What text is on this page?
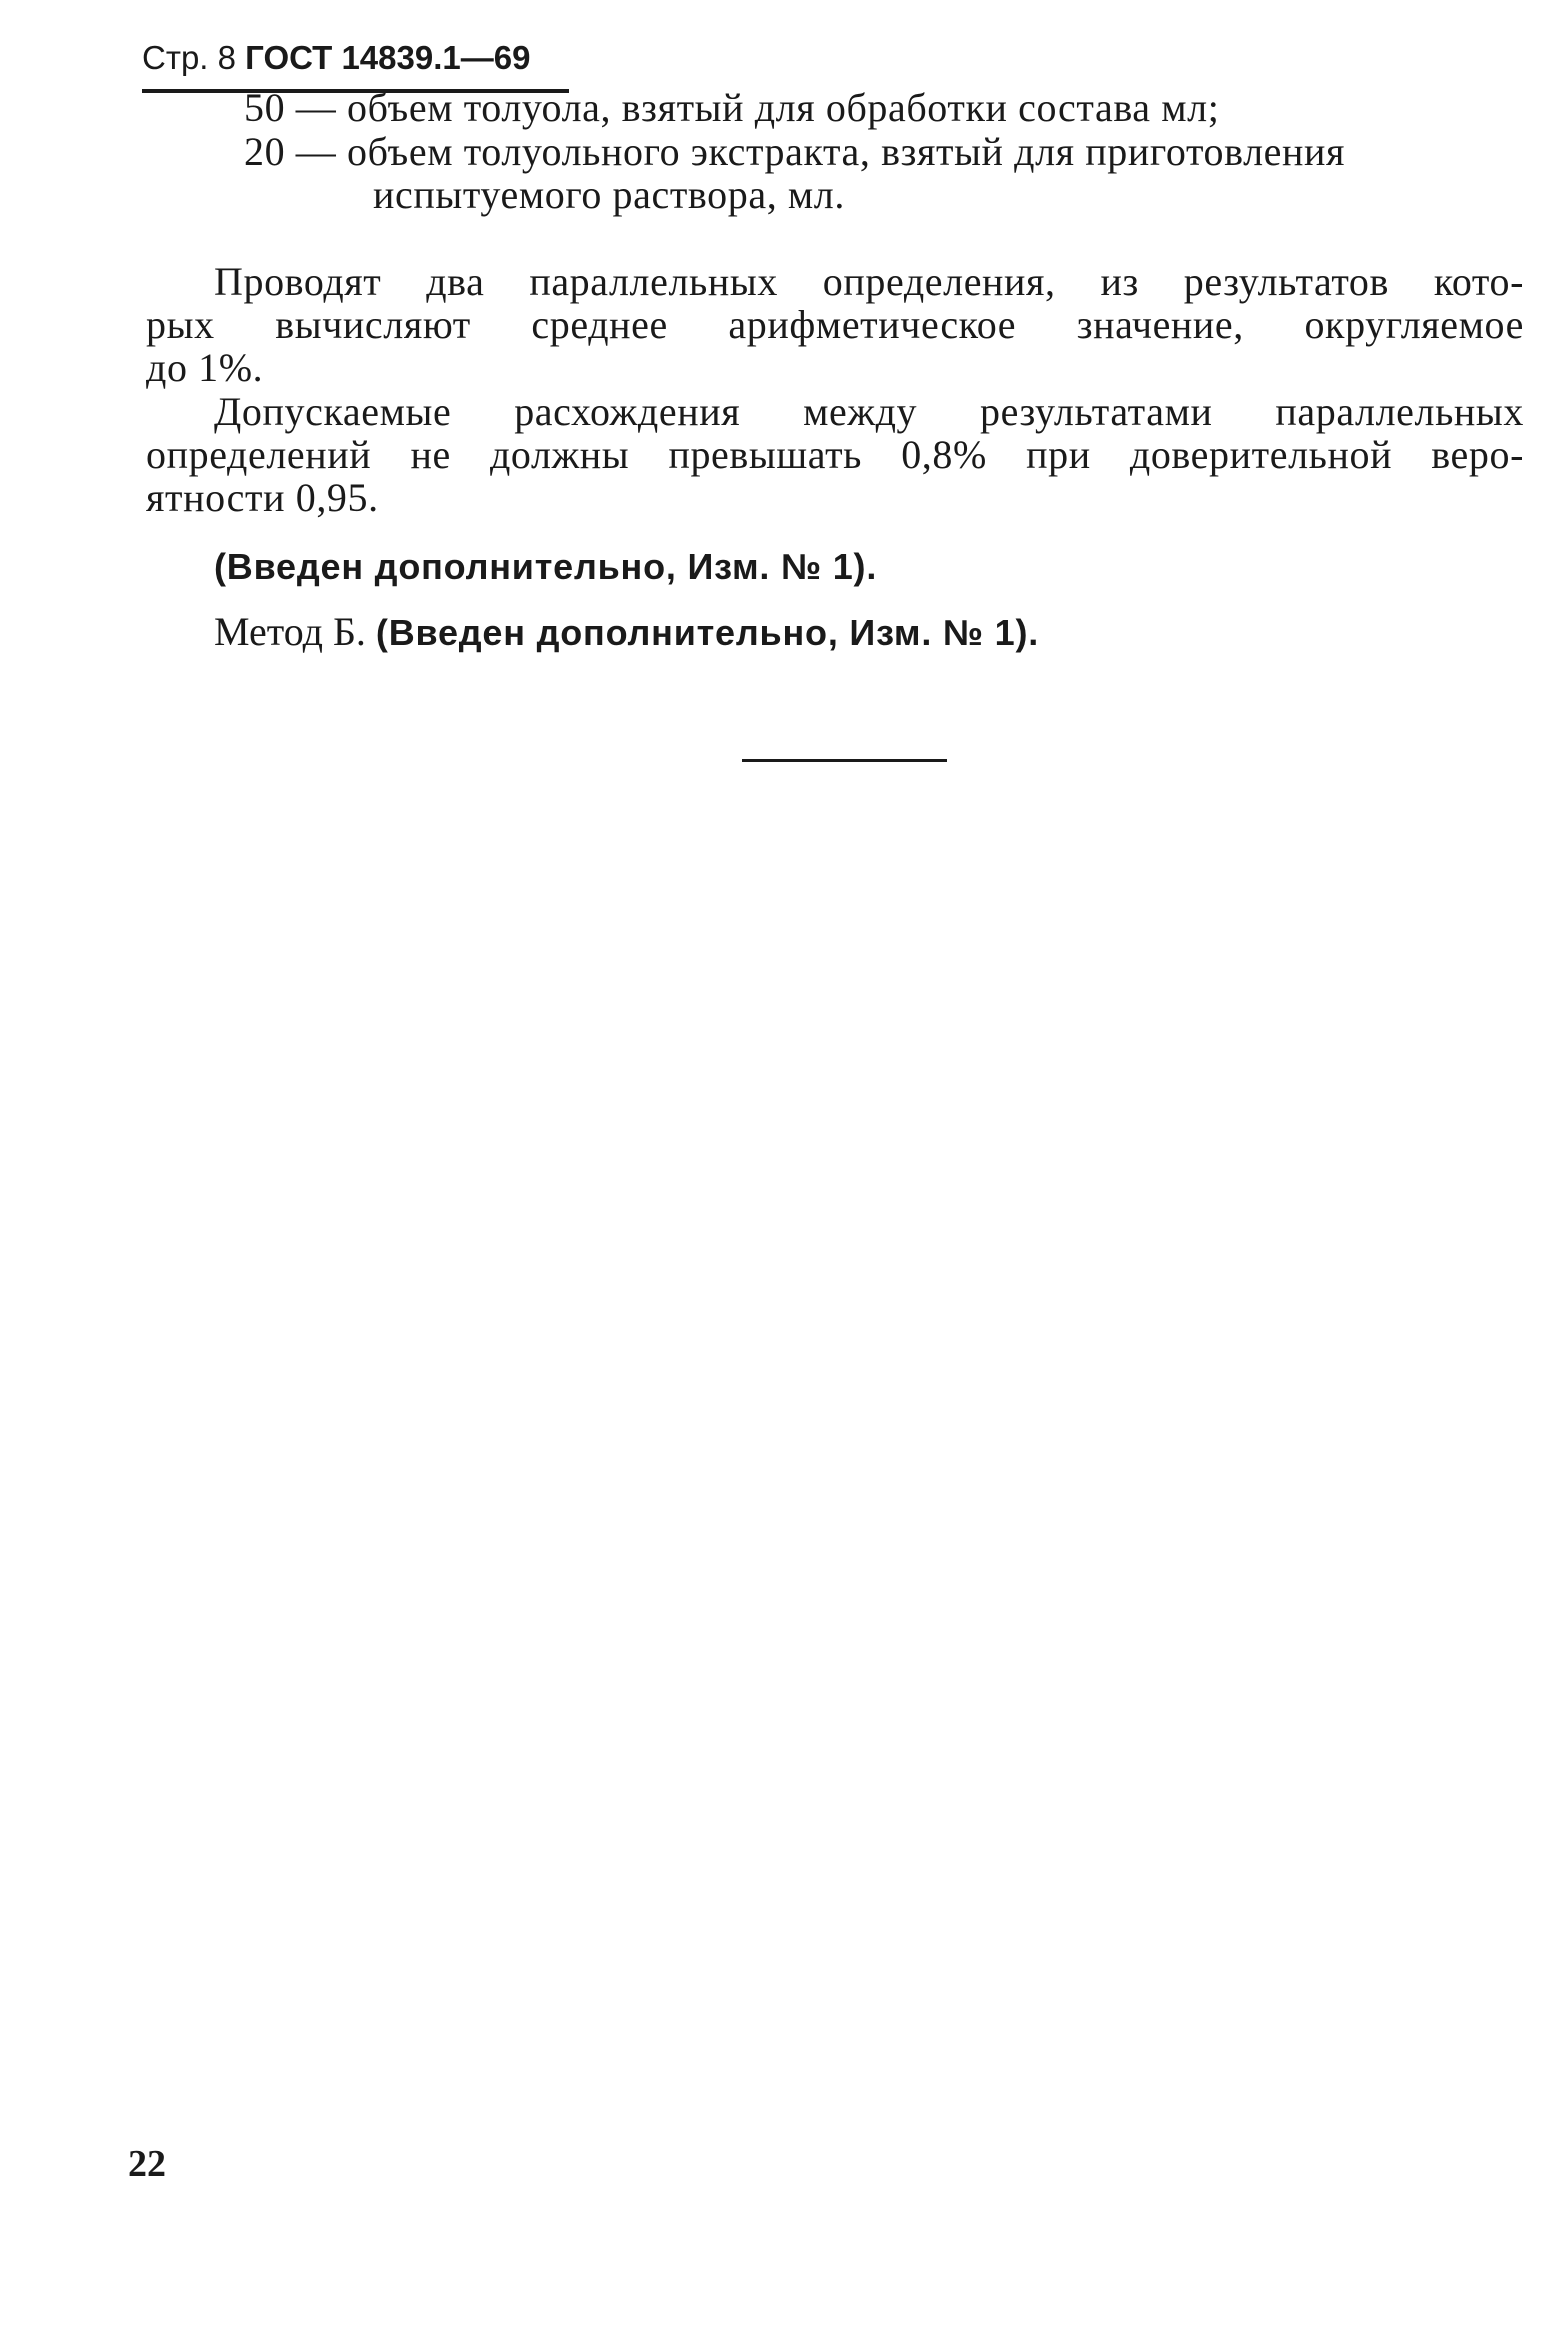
Стр. 8 ГОСТ 14839.1—69
50 — объем толуола, взятый для обработки состава мл;
20 — объем толуольного экстракта, взятый для приготовления
испытуемого раствора, мл.
Проводят два параллельных определения, из результатов кото-
рых вычисляют среднее арифметическое значение, округляемое
до 1%.
Допускаемые расхождения между результатами параллельных
определений не должны превышать 0,8% при доверительной веро-
ятности 0,95.
(Введен дополнительно, Изм. № 1).
Метод Б. (Введен дополнительно, Изм. № 1).
22
